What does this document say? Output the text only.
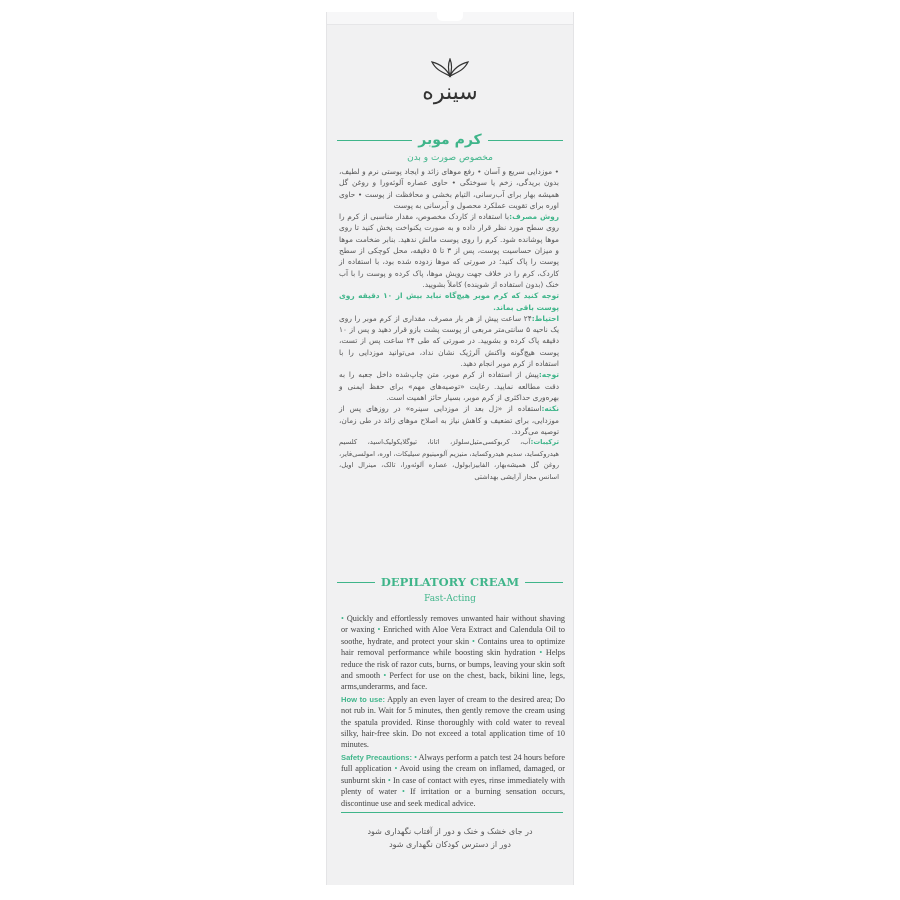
سینره
کرم موبر
مخصوص صورت و بدن

• موزدایی سریع و آسان • رفع موهای زائد و ایجاد پوستی نرم و لطیف، بدون بریدگی، زخم یا سوختگی • حاوی عصاره آلوئه‌ورا و روغن گل همیشه بهار برای آب‌رسانی، التیام بخشی و محافظت از پوست • حاوی اوره برای تقویت عملکرد محصول و آبرسانی به پوست

روش مصرف:با استفاده از کاردک مخصوص، مقدار مناسبی از کرم را روی سطح مورد نظر قرار داده و به صورت یکنواخت پخش کنید تا روی موها پوشانده شود. کرم را روی پوست مالش ندهید. بنابر ضخامت موها و میزان حساسیت پوست، پس از ۳ تا ۵ دقیقه، محل کوچکی از سطح پوست را پاک کنید؛ در صورتی که موها زدوده شده بود، با استفاده از کاردک، کرم را در خلاف جهت رویش موها، پاک کرده و پوست را با آب خنک (بدون استفاده از شوینده) کاملاً بشویید.

توجه کنید که کرم موبر هیچ‌گاه نباید بیش از ۱۰ دقیقه روی پوست باقی بماند.

احتیاط:۲۴ ساعت پیش از هر بار مصرف، مقداری از کرم موبر را روی یک ناحیه ۵ سانتی‌متر مربعی از پوست پشت بازو قرار دهید و پس از ۱۰ دقیقه پاک کرده و بشویید. در صورتی که طی ۲۴ ساعت پس از تست، پوست هیچ‌گونه واکنش آلرژیک نشان نداد، می‌توانید موزدایی را با استفاده از کرم موبر انجام دهید.

توجه:پیش از استفاده از کرم موبر، متن چاپ‌شده داخل جعبه را به دقت مطالعه نمایید. رعایت «توصیه‌های مهم» برای حفظ ایمنی و بهره‌وری حداکثری از کرم موبر، بسیار حائز اهمیت است.

نکته:استفاده از «ژل بعد از موزدایی سینره» در روزهای پس از موزدایی، برای تضعیف و کاهش نیاز به اصلاح موهای زائد در طی زمان، توصیه می‌گردد.

ترکیبات:آب، کربوکسی‌متیل‌سلولز، اتانا، تیوگلایکولیک‌اسید، کلسیم هیدروکساید، سدیم هیدروکساید، منیزیم آلومینیوم سیلیکات، اوره، امولسی‌فایر، روغن گل همیشه‌بهار، الفابیزابولول، عصاره آلوئه‌ورا، تالک، مینرال اویل، اسانس مجاز آرایشی بهداشتی

DEPILATORY CREAM
Fast-Acting

• Quickly and effortlessly removes unwanted hair without shaving or waxing • Enriched with Aloe Vera Extract and Calendula Oil to soothe, hydrate, and protect your skin • Contains urea to optimize hair removal performance while boosting skin hydration • Helps reduce the risk of razor cuts, burns, or bumps, leaving your skin soft and smooth • Perfect for use on the chest, back, bikini line, legs, arms,underarms, and face.

How to use: Apply an even layer of cream to the desired area; Do not rub in. Wait for 5 minutes, then gently remove the cream using the spatula provided. Rinse thoroughly with cold water to reveal silky, hair-free skin. Do not exceed a total application time of 10 minutes.

Safety Precautions: • Always perform a patch test 24 hours before full application • Avoid using the cream on inflamed, damaged, or sunburnt skin • In case of contact with eyes, rinse immediately with plenty of water • If irritation or a burning sensation occurs, discontinue use and seek medical advice.

در جای خشک و خنک و دور از آفتاب نگهداری شود
دور از دسترس کودکان نگهداری شود
